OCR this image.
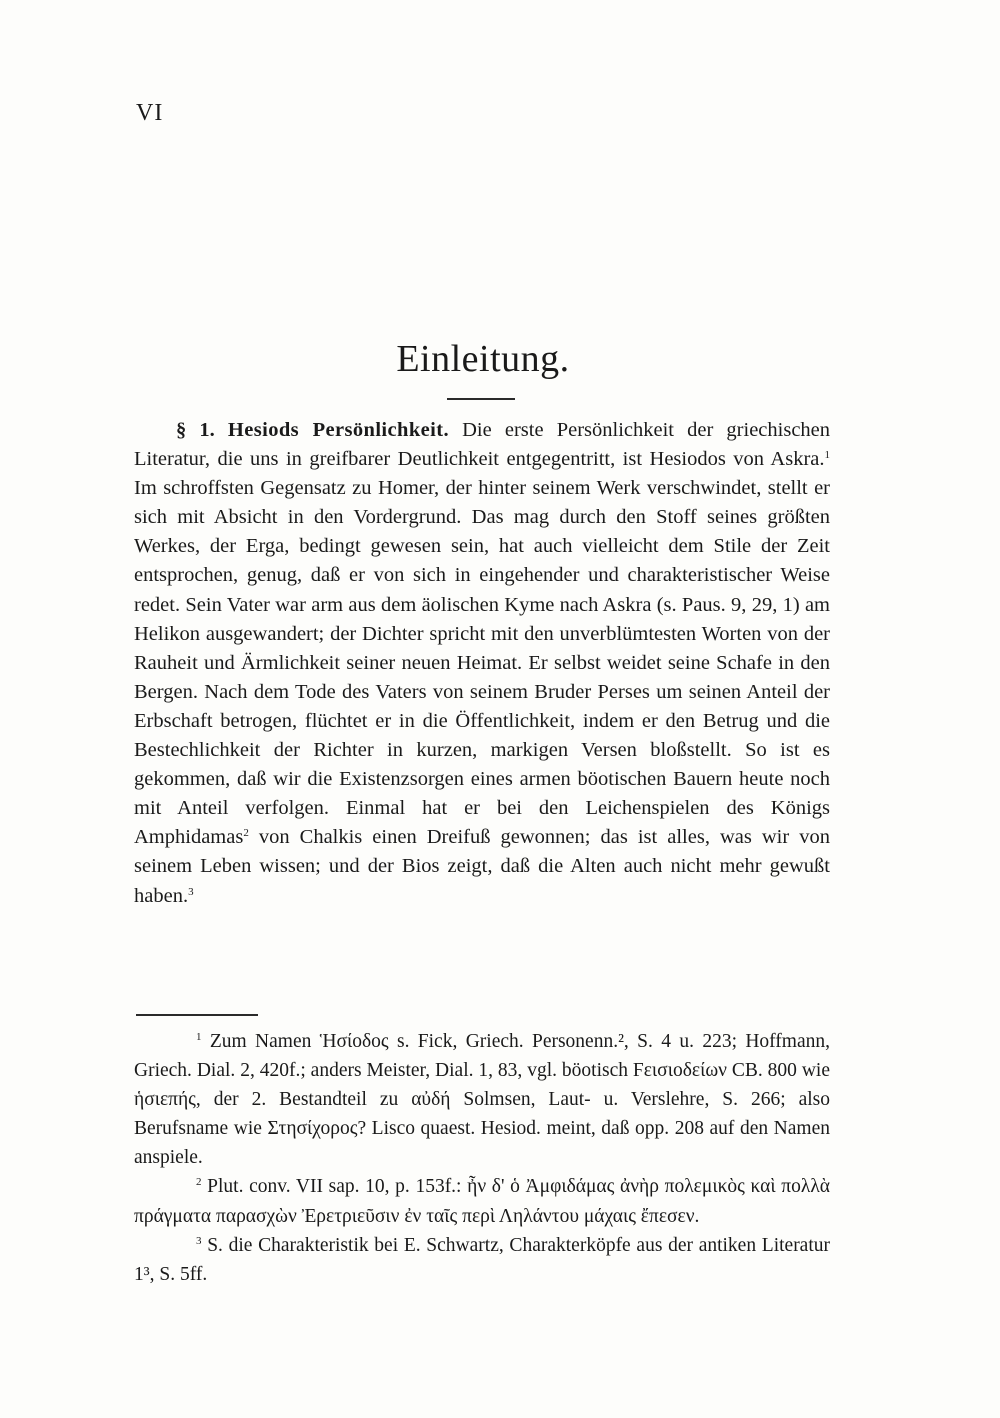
VI
Einleitung.

§ 1. Hesiods Persönlichkeit. Die erste Persönlichkeit der griechischen Literatur, die uns in greifbarer Deutlichkeit entgegentritt, ist Hesiodos von Askra.$^1$ Im schroffsten Gegensatz zu Homer, der hinter seinem Werk verschwindet, stellt er sich mit Absicht in den Vordergrund. Das mag durch den Stoff seines größten Werkes, der Erga, bedingt gewesen sein, hat auch vielleicht dem Stile der Zeit entsprochen, genug, daß er von sich in eingehender und charakteristischer Weise redet. Sein Vater war arm aus dem äolischen Kyme nach Askra (s. Paus. 9, 29, 1) am Helikon ausgewandert; der Dichter spricht mit den unverblümtesten Worten von der Rauheit und Ärmlichkeit seiner neuen Heimat. Er selbst weidet seine Schafe in den Bergen. Nach dem Tode des Vaters von seinem Bruder Perses um seinen Anteil der Erbschaft betrogen, flüchtet er in die Öffentlichkeit, indem er den Betrug und die Bestechlichkeit der Richter in kurzen, markigen Versen bloßstellt. So ist es gekommen, daß wir die Existenzsorgen eines armen böotischen Bauern heute noch mit Anteil verfolgen. Einmal hat er bei den Leichenspielen des Königs Amphidamas$^2$ von Chalkis einen Dreifuß gewonnen; das ist alles, was wir von seinem Leben wissen; und der Bios zeigt, daß die Alten auch nicht mehr gewußt haben.$^3$

$^1$ Zum Namen Ἡσίοδος s. Fick, Griech. Personenn.², S. 4 u. 223; Hoffmann, Griech. Dial. 2, 420f.; anders Meister, Dial. 1, 83, vgl. böotisch Ϝεισιοδείων CB. 800 wie ἡσιεπής, der 2. Bestandteil zu αὐδή Solmsen, Laut- u. Verslehre, S. 266; also Berufsname wie Στησίχορος? Lisco quaest. Hesiod. meint, daß opp. 208 auf den Namen anspiele.

$^2$ Plut. conv. VII sap. 10, p. 153f.: ἦν δ' ὁ Ἀμφιδάμας ἀνὴρ πολεμικὸς καὶ πολλὰ πράγματα παρασχὼν Ἐρετριεῦσιν ἐν ταῖς περὶ Ληλάντου μάχαις ἔπεσεν.

$^3$ S. die Charakteristik bei E. Schwartz, Charakterköpfe aus der antiken Literatur 1³, S. 5ff.
